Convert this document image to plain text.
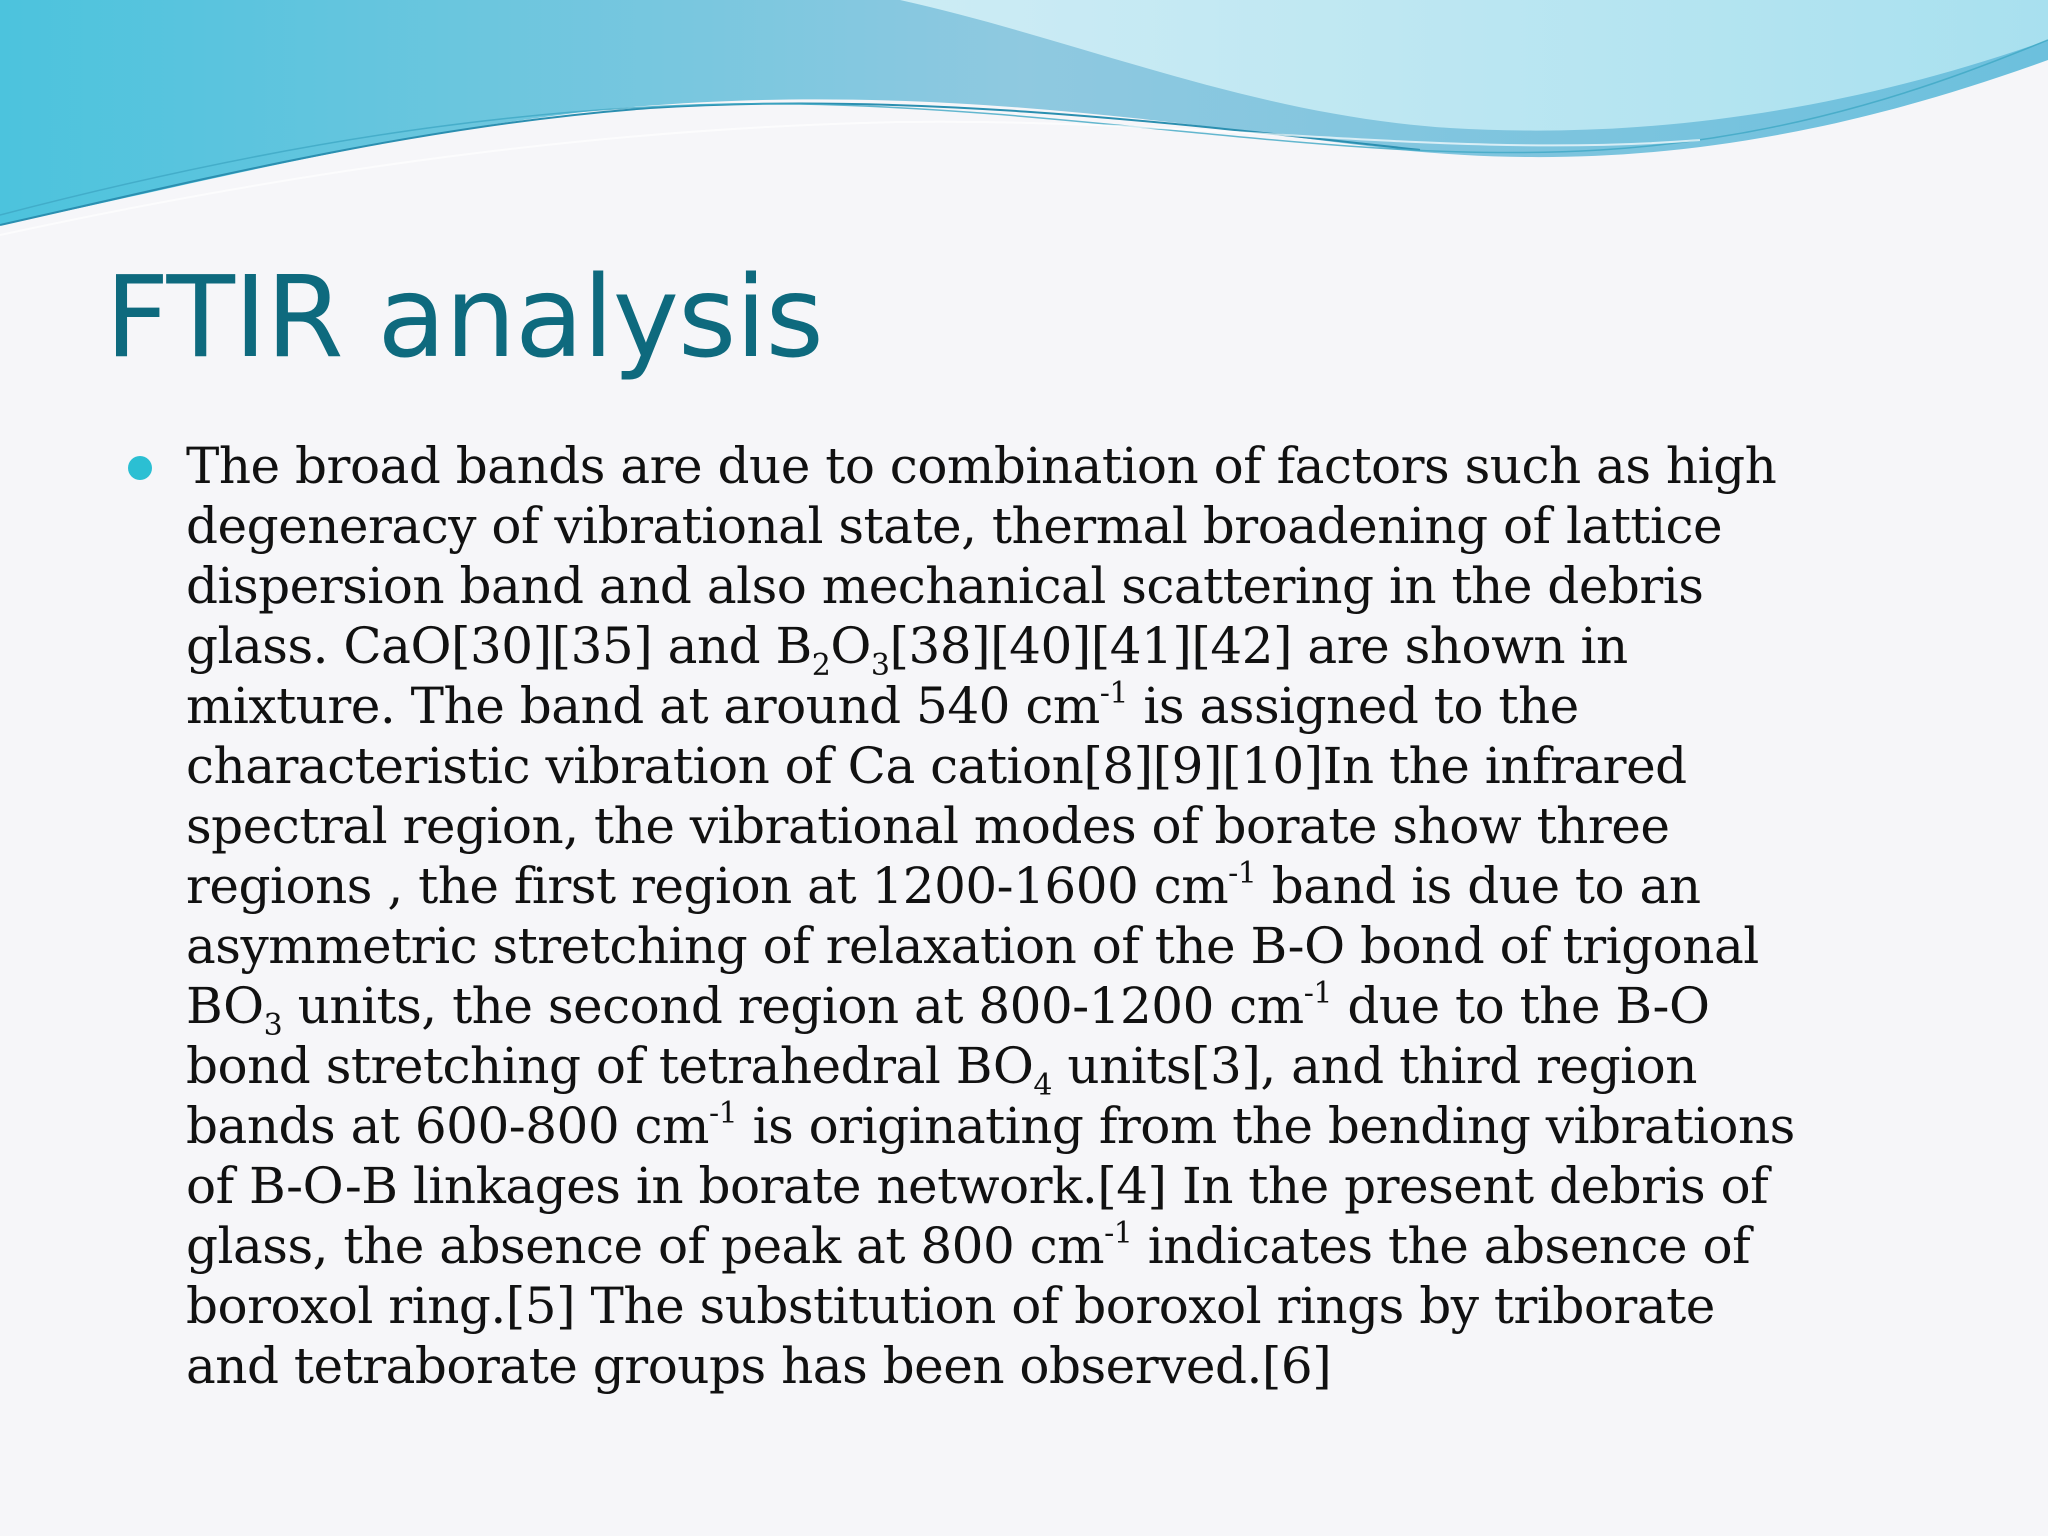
FTIR analysis
The broad bands are due to combination of factors such as high
degeneracy of vibrational state, thermal broadening of lattice
dispersion band and also mechanical scattering in the debris
glass. CaO[30][35] and $B_2O_3[38][40][41][42]$ are shown in
mixture. The band at around 540 $cm^{-1}$ is assigned to the
characteristic vibration of Ca cation[8][9][10]In the infrared
spectral region, the vibrational modes of borate show three
regions , the first region at 1200-1600 $cm^{-1}$ band is due to an
asymmetric stretching of relaxation of the B-O bond of trigonal
$BO_3$ units, the second region at 800-1200 $cm^{-1}$ due to the B-O
bond stretching of tetrahedral $BO_4$ units[3], and third region
bands at 600-800 $cm^{-1}$ is originating from the bending vibrations
of B-O-B linkages in borate network.[4] In the present debris of
glass, the absence of peak at 800 $cm^{-1}$ indicates the absence of
boroxol ring.[5] The substitution of boroxol rings by triborate
and tetraborate groups has been observed.[6]
